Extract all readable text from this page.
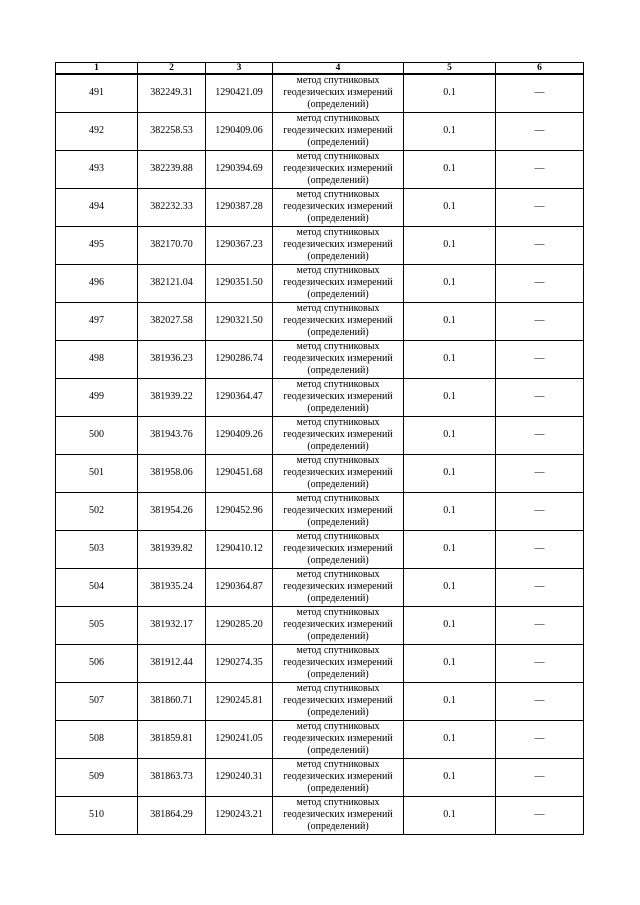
1	2	3	4	5	6
491	382249.31	1290421.09	метод спутниковых геодезических измерений (определений)	0.1	—
492	382258.53	1290409.06	метод спутниковых геодезических измерений (определений)	0.1	—
493	382239.88	1290394.69	метод спутниковых геодезических измерений (определений)	0.1	—
494	382232.33	1290387.28	метод спутниковых геодезических измерений (определений)	0.1	—
495	382170.70	1290367.23	метод спутниковых геодезических измерений (определений)	0.1	—
496	382121.04	1290351.50	метод спутниковых геодезических измерений (определений)	0.1	—
497	382027.58	1290321.50	метод спутниковых геодезических измерений (определений)	0.1	—
498	381936.23	1290286.74	метод спутниковых геодезических измерений (определений)	0.1	—
499	381939.22	1290364.47	метод спутниковых геодезических измерений (определений)	0.1	—
500	381943.76	1290409.26	метод спутниковых геодезических измерений (определений)	0.1	—
501	381958.06	1290451.68	метод спутниковых геодезических измерений (определений)	0.1	—
502	381954.26	1290452.96	метод спутниковых геодезических измерений (определений)	0.1	—
503	381939.82	1290410.12	метод спутниковых геодезических измерений (определений)	0.1	—
504	381935.24	1290364.87	метод спутниковых геодезических измерений (определений)	0.1	—
505	381932.17	1290285.20	метод спутниковых геодезических измерений (определений)	0.1	—
506	381912.44	1290274.35	метод спутниковых геодезических измерений (определений)	0.1	—
507	381860.71	1290245.81	метод спутниковых геодезических измерений (определений)	0.1	—
508	381859.81	1290241.05	метод спутниковых геодезических измерений (определений)	0.1	—
509	381863.73	1290240.31	метод спутниковых геодезических измерений (определений)	0.1	—
510	381864.29	1290243.21	метод спутниковых геодезических измерений (определений)	0.1	—
